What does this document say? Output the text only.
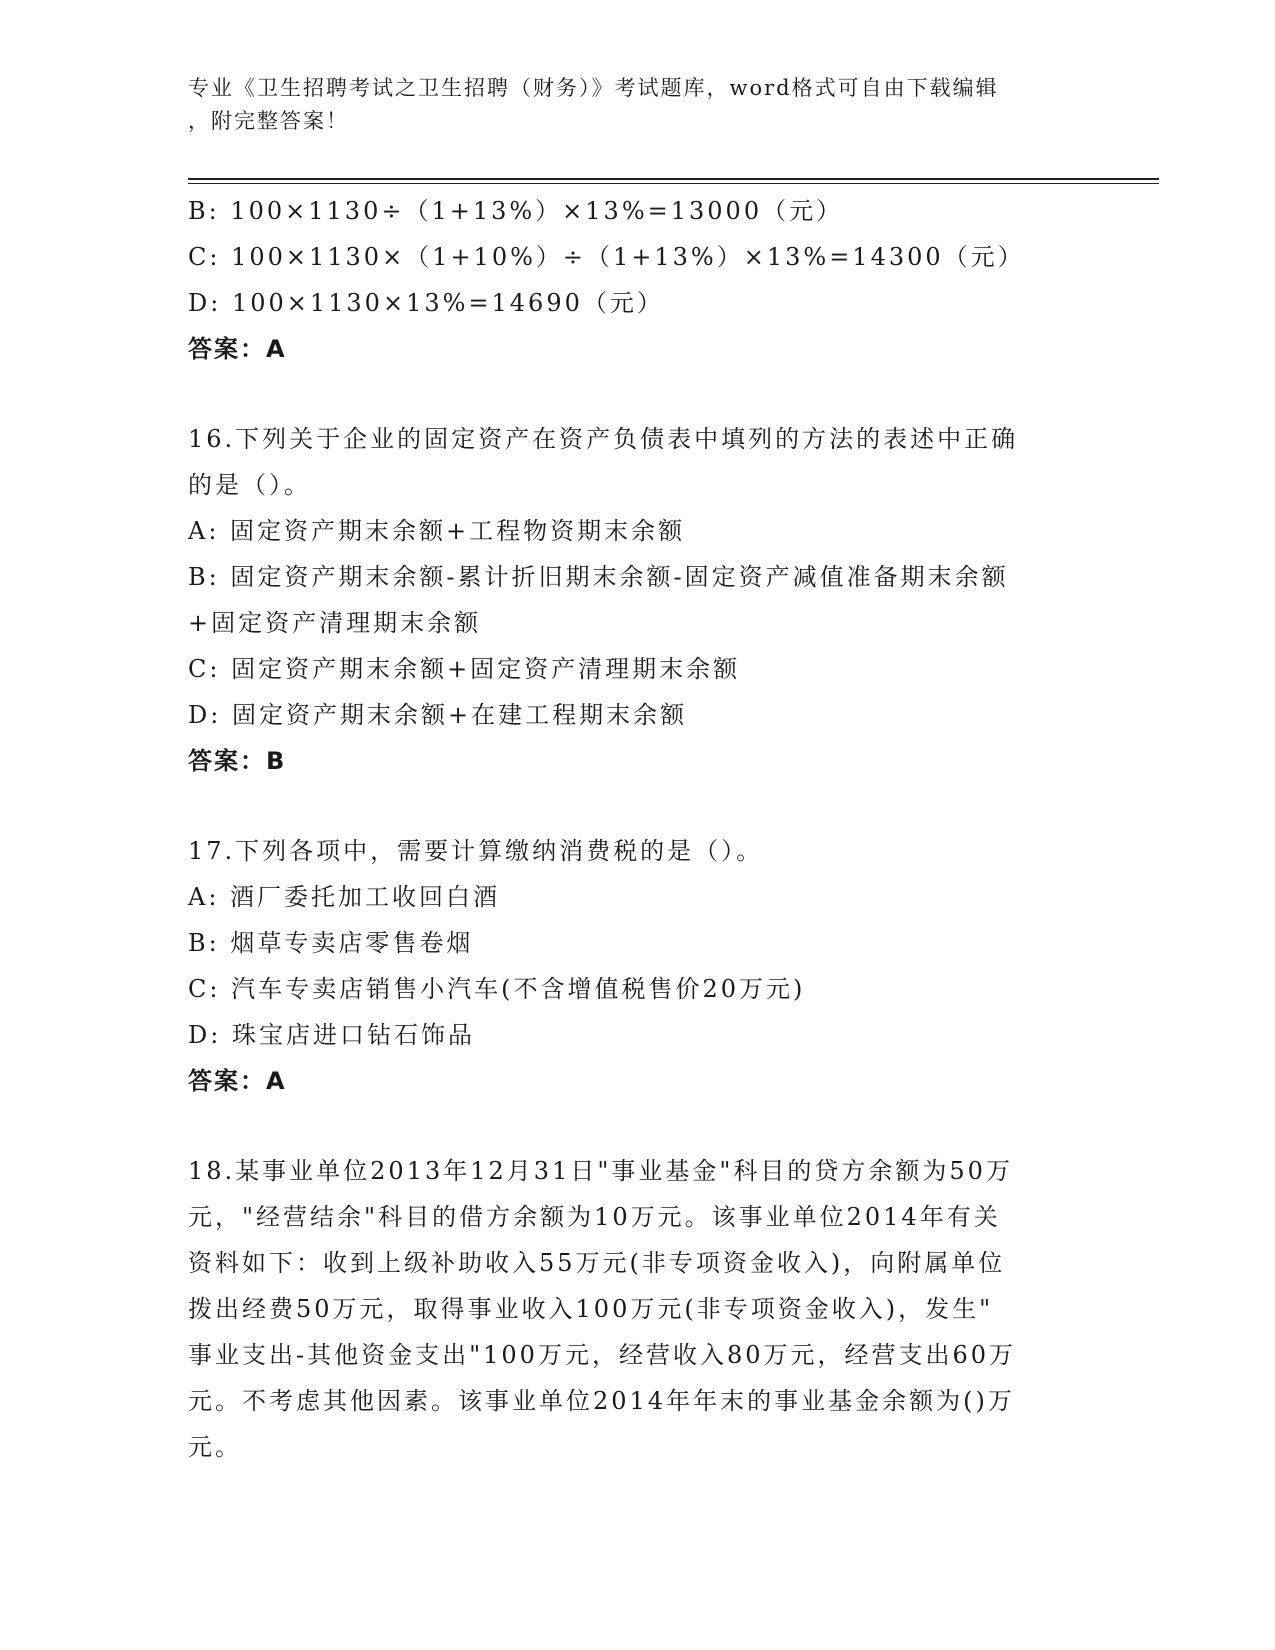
专业《卫生招聘考试之卫生招聘（财务）》考试题库，word格式可自由下载编辑
，附完整答案！
B: 100×1130÷（1+13%）×13%=13000（元）
C: 100×1130×（1+10%）÷（1+13%）×13%=14300（元）
D: 100×1130×13%=14690（元）
答案：A
16.下列关于企业的固定资产在资产负债表中填列的方法的表述中正确
的是（）。
A: 固定资产期末余额+工程物资期末余额
B: 固定资产期末余额-累计折旧期末余额-固定资产减值准备期末余额
+固定资产清理期末余额
C: 固定资产期末余额+固定资产清理期末余额
D: 固定资产期末余额+在建工程期末余额
答案：B
17.下列各项中，需要计算缴纳消费税的是（）。
A: 酒厂委托加工收回白酒
B: 烟草专卖店零售卷烟
C: 汽车专卖店销售小汽车(不含增值税售价20万元)
D: 珠宝店进口钻石饰品
答案：A
18.某事业单位2013年12月31日"事业基金"科目的贷方余额为50万
元，"经营结余"科目的借方余额为10万元。该事业单位2014年有关
资料如下：收到上级补助收入55万元(非专项资金收入)，向附属单位
拨出经费50万元，取得事业收入100万元(非专项资金收入)，发生"
事业支出-其他资金支出"100万元，经营收入80万元，经营支出60万
元。不考虑其他因素。该事业单位2014年年末的事业基金余额为()万
元。
